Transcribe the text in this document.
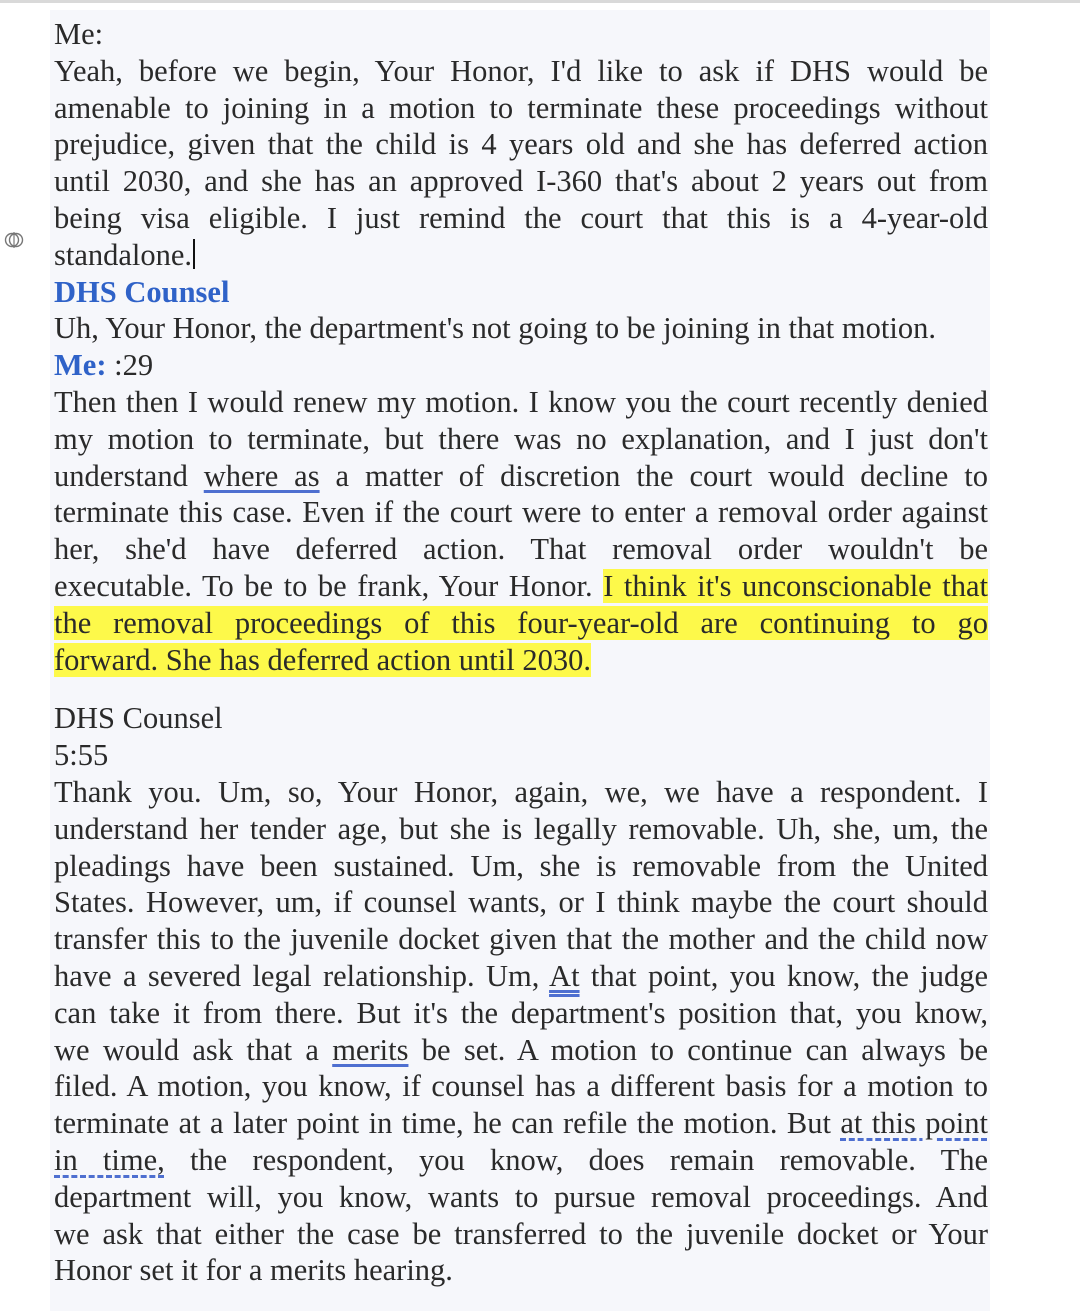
Me:
Yeah, before we begin, Your Honor, I'd like to ask if DHS would be
amenable to joining in a motion to terminate these proceedings without
prejudice, given that the child is 4 years old and she has deferred action
until 2030, and she has an approved I-360 that's about 2 years out from
being visa eligible. I just remind the court that this is a 4-year-old
standalone.
DHS Counsel
Uh, Your Honor, the department's not going to be joining in that motion.
Me: :29
Then then I would renew my motion. I know you the court recently denied
my motion to terminate, but there was no explanation, and I just don't
understand where as a matter of discretion the court would decline to
terminate this case. Even if the court were to enter a removal order against
her, she'd have deferred action. That removal order wouldn't be
executable. To be to be frank, Your Honor. I think it's unconscionable that
the removal proceedings of this four-year-old are continuing to go
forward. She has deferred action until 2030.
DHS Counsel
5:55
Thank you. Um, so, Your Honor, again, we, we have a respondent. I
understand her tender age, but she is legally removable. Uh, she, um, the
pleadings have been sustained. Um, she is removable from the United
States. However, um, if counsel wants, or I think maybe the court should
transfer this to the juvenile docket given that the mother and the child now
have a severed legal relationship. Um, At that point, you know, the judge
can take it from there. But it's the department's position that, you know,
we would ask that a merits be set. A motion to continue can always be
filed. A motion, you know, if counsel has a different basis for a motion to
terminate at a later point in time, he can refile the motion. But at this point
in time, the respondent, you know, does remain removable. The
department will, you know, wants to pursue removal proceedings. And
we ask that either the case be transferred to the juvenile docket or Your
Honor set it for a merits hearing.
